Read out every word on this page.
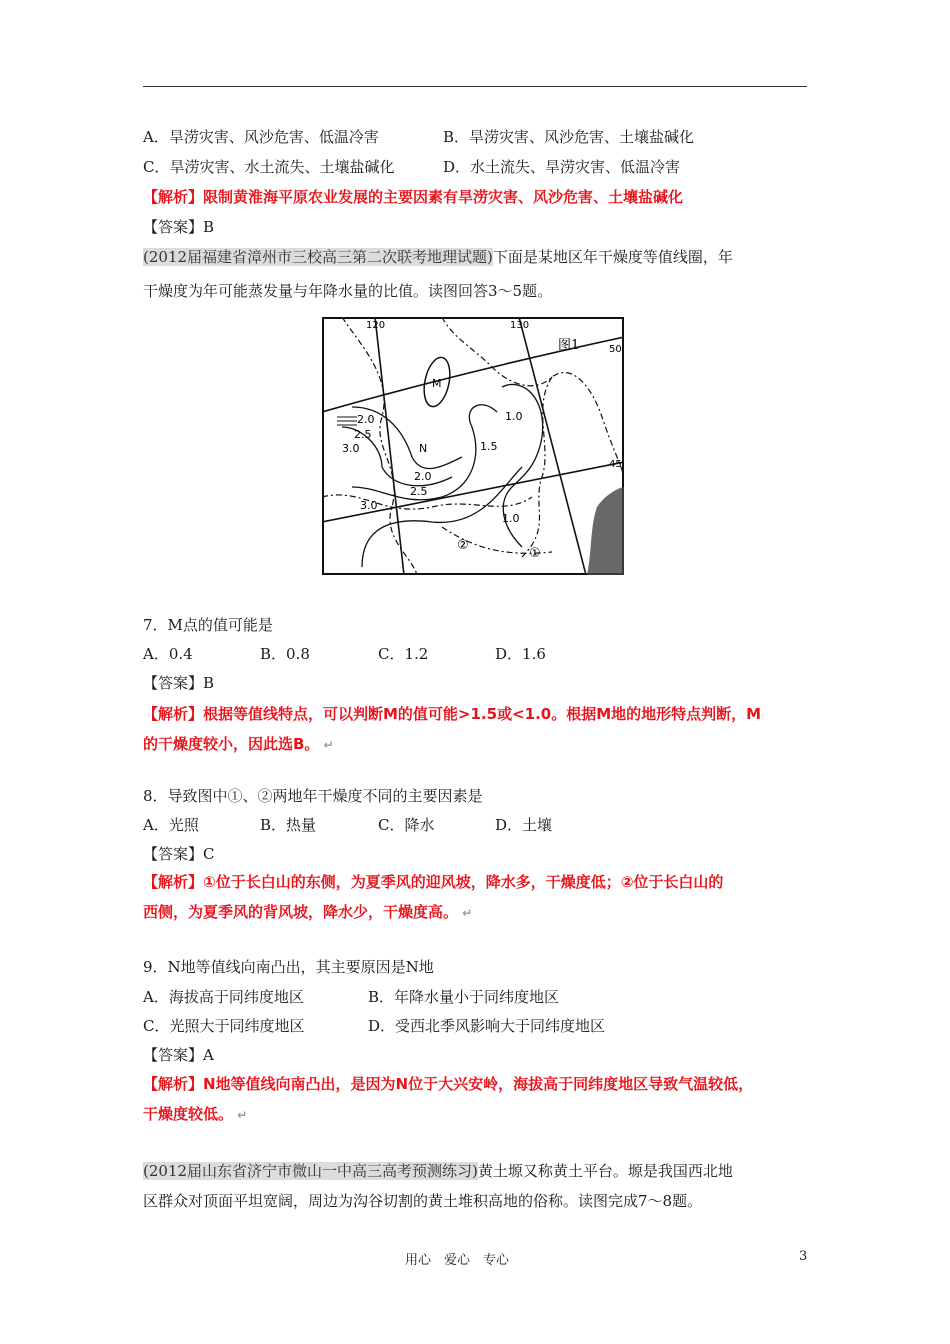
A．旱涝灾害、风沙危害、低温冷害	B．旱涝灾害、风沙危害、土壤盐碱化
C．旱涝灾害、水土流失、土壤盐碱化	D．水土流失、旱涝灾害、低温冷害
【解析】限制黄淮海平原农业发展的主要因素有旱涝灾害、风沙危害、土壤盐碱化
【答案】B
(2012届福建省漳州市三校高三第二次联考地理试题)下面是某地区年干燥度等值线圈，年
干燥度为年可能蒸发量与年降水量的比值。读图回答3～5题。
图1
120	130
50
45
2.0
2.5
3.0	1.5
1.0
2.0
2.5
3.0
1.0
M
N
②
①
7．M点的值可能是
A．0.4	B．0.8	C．1.2	D．1.6
【答案】B
【解析】根据等值线特点，可以判断M的值可能>1.5或<1.0。根据M地的地形特点判断，M
的干燥度较小，因此选B。 ↵
8．导致图中①、②两地年干燥度不同的主要因素是
A．光照	B．热量	C．降水	D．土壤
【答案】C
【解析】①位于长白山的东侧，为夏季风的迎风坡，降水多，干燥度低；②位于长白山的
西侧，为夏季风的背风坡，降水少，干燥度高。 ↵
9．N地等值线向南凸出，其主要原因是N地
A．海拔高于同纬度地区	B．年降水量小于同纬度地区
C．光照大于同纬度地区	D．受西北季风影响大于同纬度地区
【答案】A
【解析】N地等值线向南凸出，是因为N位于大兴安岭，海拔高于同纬度地区导致气温较低，
干燥度较低。 ↵
(2012届山东省济宁市微山一中高三高考预测练习)黄土塬又称黄土平台。塬是我国西北地
区群众对顶面平坦宽阔，周边为沟谷切割的黄土堆积高地的俗称。读图完成7～8题。
用心　爱心　专心	3
